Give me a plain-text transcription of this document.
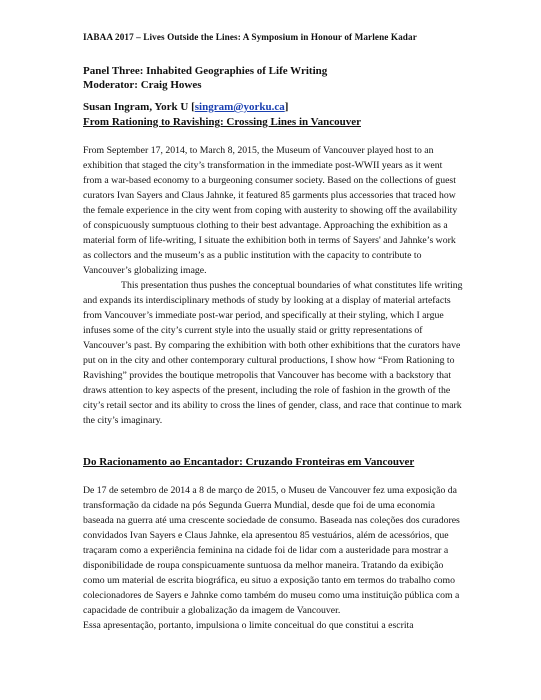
IABAA 2017 – Lives Outside the Lines: A Symposium in Honour of Marlene Kadar
Panel Three: Inhabited Geographies of Life Writing
Moderator: Craig Howes
Susan Ingram, York U [singram@yorku.ca]
From Rationing to Ravishing: Crossing Lines in Vancouver

From September 17, 2014, to March 8, 2015, the Museum of Vancouver played host to an exhibition that staged the city’s transformation in the immediate post-WWII years as it went from a war-based economy to a burgeoning consumer society. Based on the collections of guest curators Ivan Sayers and Claus Jahnke, it featured 85 garments plus accessories that traced how the female experience in the city went from coping with austerity to showing off the availability of conspicuously sumptuous clothing to their best advantage. Approaching the exhibition as a material form of life-writing, I situate the exhibition both in terms of Sayers' and Jahnke’s work as collectors and the museum’s as a public institution with the capacity to contribute to Vancouver’s globalizing image.

This presentation thus pushes the conceptual boundaries of what constitutes life writing and expands its interdisciplinary methods of study by looking at a display of material artefacts from Vancouver’s immediate post-war period, and specifically at their styling, which I argue infuses some of the city’s current style into the usually staid or gritty representations of Vancouver’s past. By comparing the exhibition with both other exhibitions that the curators have put on in the city and other contemporary cultural productions, I show how “From Rationing to Ravishing” provides the boutique metropolis that Vancouver has become with a backstory that draws attention to key aspects of the present, including the role of fashion in the growth of the city’s retail sector and its ability to cross the lines of gender, class, and race that continue to mark the city’s imaginary.

Do Racionamento ao Encantador: Cruzando Fronteiras em Vancouver

De 17 de setembro de 2014 a 8 de março de 2015, o Museu de Vancouver fez uma exposição da transformação da cidade na pós Segunda Guerra Mundial, desde que foi de uma economia baseada na guerra até uma crescente sociedade de consumo. Baseada nas coleções dos curadores convidados Ivan Sayers e Claus Jahnke, ela apresentou 85 vestuários, além de acessórios, que traçaram como a experiência feminina na cidade foi de lidar com a austeridade para mostrar a disponibilidade de roupa conspicuamente suntuosa da melhor maneira. Tratando da exibição como um material de escrita biográfica, eu situo a exposição tanto em termos do trabalho como colecionadores de Sayers e Jahnke como também do museu como uma instituição pública com a capacidade de contribuir a globalização da imagem de Vancouver.

Essa apresentação, portanto, impulsiona o limite conceitual do que constitui a escrita
